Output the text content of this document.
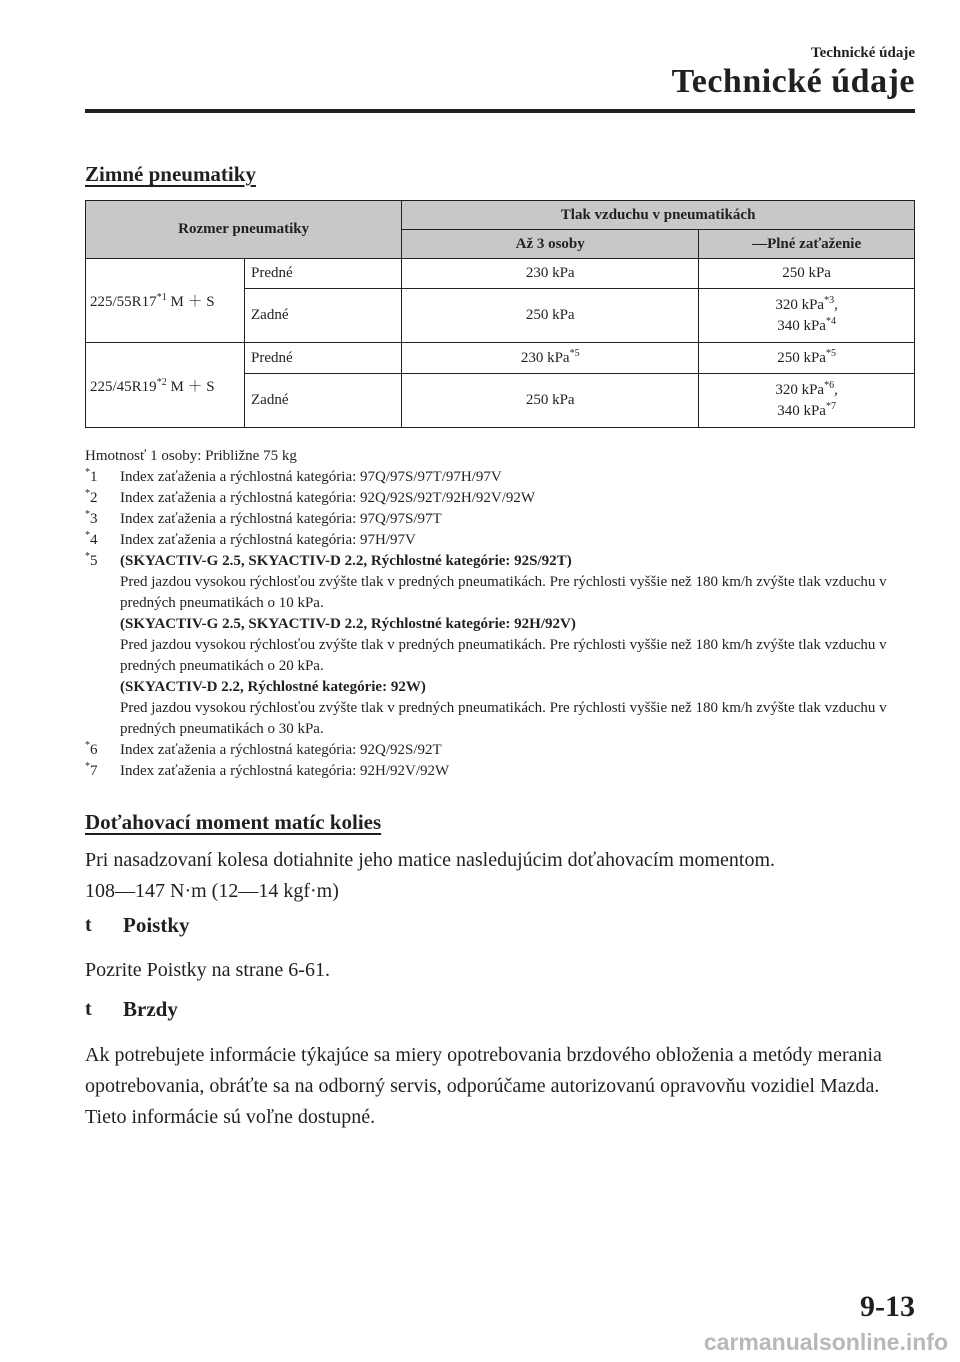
Technické údaje
Technické údaje
Zimné pneumatiky
Rozmer pneumatiky		Tlak vzduchu v pneumatikách	
		Až 3 osoby	—Plné zaťaženie
225/55R17$^{*1}$ M ＋ S	Predné	230 kPa	250 kPa
	Zadné	250 kPa	320 kPa$^{*3}$,
340 kPa$^{*4}$
225/45R19$^{*2}$ M ＋ S	Predné	230 kPa$^{*5}$	250 kPa$^{*5}$
	Zadné	250 kPa	320 kPa$^{*6}$,
340 kPa$^{*7}$
Hmotnosť 1 osoby: Približne 75 kg
*1	Index zaťaženia a rýchlostná kategória: 97Q/97S/97T/97H/97V
*2	Index zaťaženia a rýchlostná kategória: 92Q/92S/92T/92H/92V/92W
*3	Index zaťaženia a rýchlostná kategória: 97Q/97S/97T
*4	Index zaťaženia a rýchlostná kategória: 97H/97V
*5	(SKYACTIV-G 2.5, SKYACTIV-D 2.2, Rýchlostné kategórie: 92S/92T)
Pred jazdou vysokou rýchlosťou zvýšte tlak v predných pneumatikách. Pre rýchlosti vyššie než 180 km/h zvýšte tlak vzduchu v predných pneumatikách o 10 kPa.
(SKYACTIV-G 2.5, SKYACTIV-D 2.2, Rýchlostné kategórie: 92H/92V)
Pred jazdou vysokou rýchlosťou zvýšte tlak v predných pneumatikách. Pre rýchlosti vyššie než 180 km/h zvýšte tlak vzduchu v predných pneumatikách o 20 kPa.
(SKYACTIV-D 2.2, Rýchlostné kategórie: 92W)
Pred jazdou vysokou rýchlosťou zvýšte tlak v predných pneumatikách. Pre rýchlosti vyššie než 180 km/h zvýšte tlak vzduchu v predných pneumatikách o 30 kPa.
*6	Index zaťaženia a rýchlostná kategória: 92Q/92S/92T
*7	Index zaťaženia a rýchlostná kategória: 92H/92V/92W
Doťahovací moment matíc kolies
Pri nasadzovaní kolesa dotiahnite jeho matice nasledujúcim doťahovacím momentom.
108—147 N·m (12—14 kgf·m)
t	Poistky
Pozrite Poistky na strane 6-61.
t	Brzdy
Ak potrebujete informácie týkajúce sa miery opotrebovania brzdového obloženia a metódy merania opotrebovania, obráťte sa na odborný servis, odporúčame autorizovanú opravovňu vozidiel Mazda. Tieto informácie sú voľne dostupné.
9-13
carmanualsonline.info
